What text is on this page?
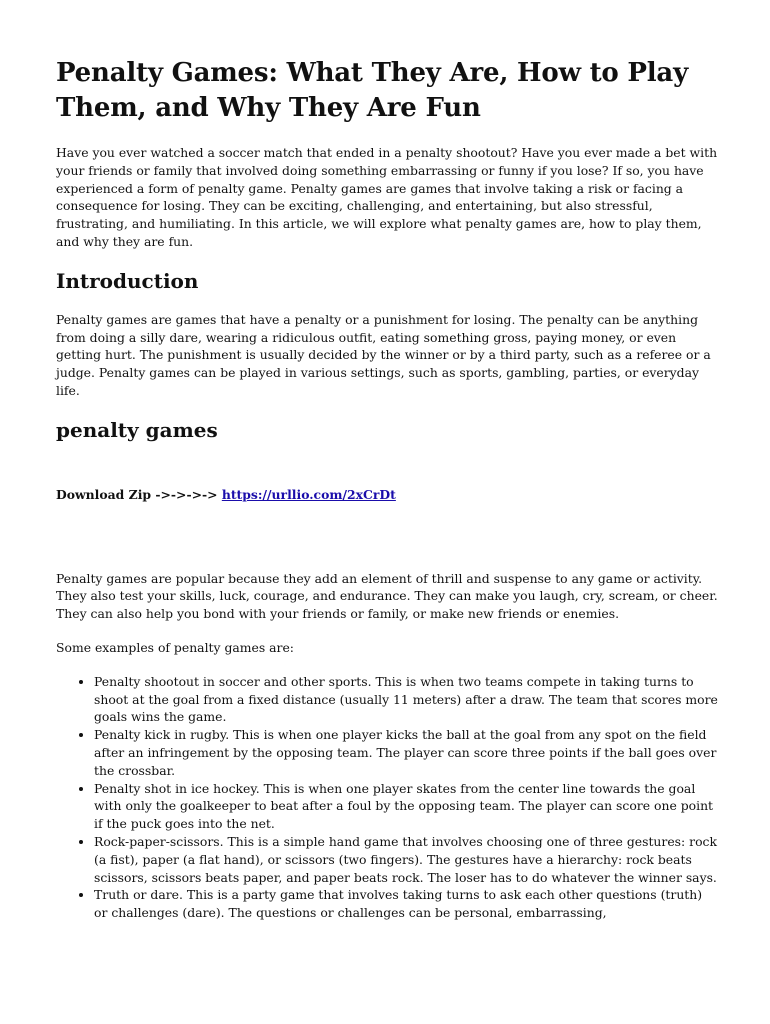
Penalty Games: What They Are, How to Play Them, and Why They Are Fun

Have you ever watched a soccer match that ended in a penalty shootout? Have you ever made a bet with your friends or family that involved doing something embarrassing or funny if you lose? If so, you have experienced a form of penalty game. Penalty games are games that involve taking a risk or facing a consequence for losing. They can be exciting, challenging, and entertaining, but also stressful, frustrating, and humiliating. In this article, we will explore what penalty games are, how to play them, and why they are fun.

Introduction

Penalty games are games that have a penalty or a punishment for losing. The penalty can be anything from doing a silly dare, wearing a ridiculous outfit, eating something gross, paying money, or even getting hurt. The punishment is usually decided by the winner or by a third party, such as a referee or a judge. Penalty games can be played in various settings, such as sports, gambling, parties, or everyday life.

penalty games

Download Zip ->->->-> https://urllio.com/2xCrDt

Penalty games are popular because they add an element of thrill and suspense to any game or activity. They also test your skills, luck, courage, and endurance. They can make you laugh, cry, scream, or cheer. They can also help you bond with your friends or family, or make new friends or enemies.

Some examples of penalty games are:

• Penalty shootout in soccer and other sports. This is when two teams compete in taking turns to shoot at the goal from a fixed distance (usually 11 meters) after a draw. The team that scores more goals wins the game.
• Penalty kick in rugby. This is when one player kicks the ball at the goal from any spot on the field after an infringement by the opposing team. The player can score three points if the ball goes over the crossbar.
• Penalty shot in ice hockey. This is when one player skates from the center line towards the goal with only the goalkeeper to beat after a foul by the opposing team. The player can score one point if the puck goes into the net.
• Rock-paper-scissors. This is a simple hand game that involves choosing one of three gestures: rock (a fist), paper (a flat hand), or scissors (two fingers). The gestures have a hierarchy: rock beats scissors, scissors beats paper, and paper beats rock. The loser has to do whatever the winner says.
• Truth or dare. This is a party game that involves taking turns to ask each other questions (truth) or challenges (dare). The questions or challenges can be personal, embarrassing,
